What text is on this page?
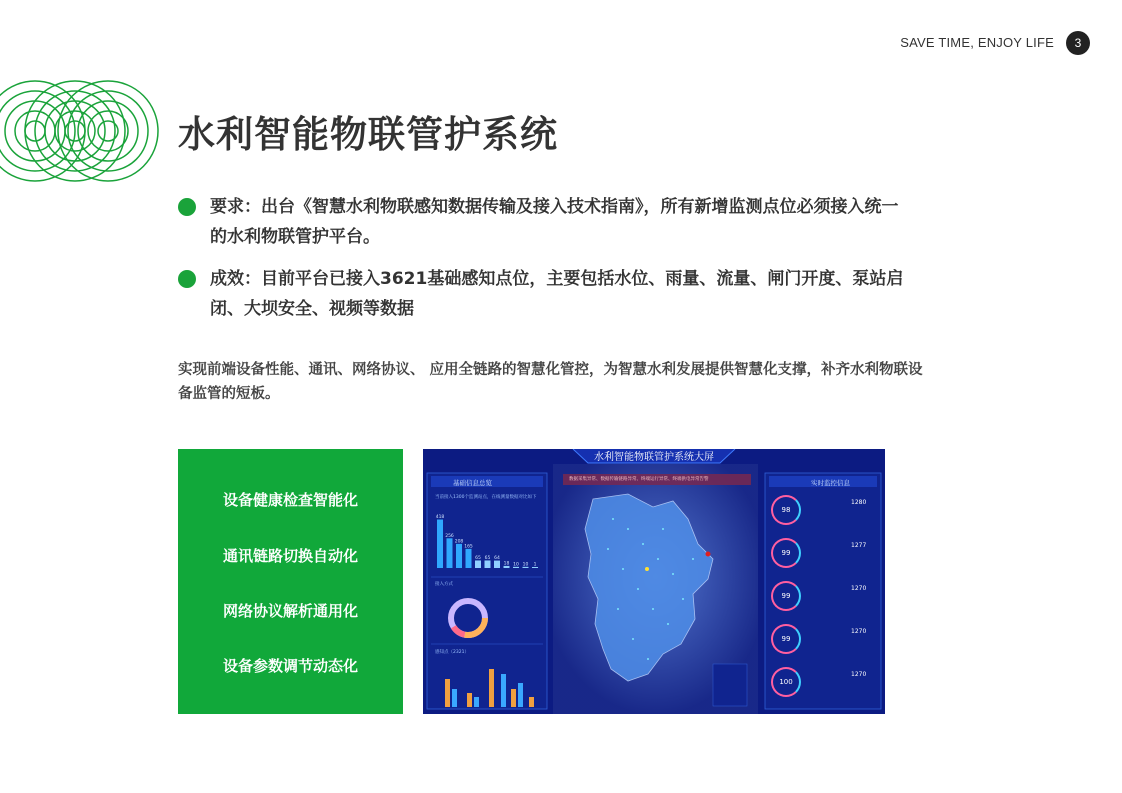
SAVE TIME, ENJOY LIFE	3
水利智能物联管护系统
要求：出台《智慧水利物联感知数据传输及接入技术指南》，所有新增监测点位必须接入统一
的水利物联管护平台。
成效：目前平台已接入3621基础感知点位，主要包括水位、雨量、流量、闸门开度、泵站启
闭、大坝安全、视频等数据
实现前端设备性能、通讯、网络协议、 应用全链路的智慧化管控，为智慧水利发展提供智慧化支撑，补齐水利物联设
备监管的短板。
设备健康检查智能化
通讯链路切换自动化
网络协议解析通用化
设备参数调节动态化
水利智能物联管护系统大屏
数据采集异常、数据传输链路异常、终端运行异常、终端供电异常告警
基础信息总览
当前接入1300个监测站点，在线测量数据对比如下
418
256
208
165
65 65 64
18 10 10 1
接入方式
感知点（2321）
实时监控信息
98
1280
99
1277
99
1270
99
1270
100
1270
